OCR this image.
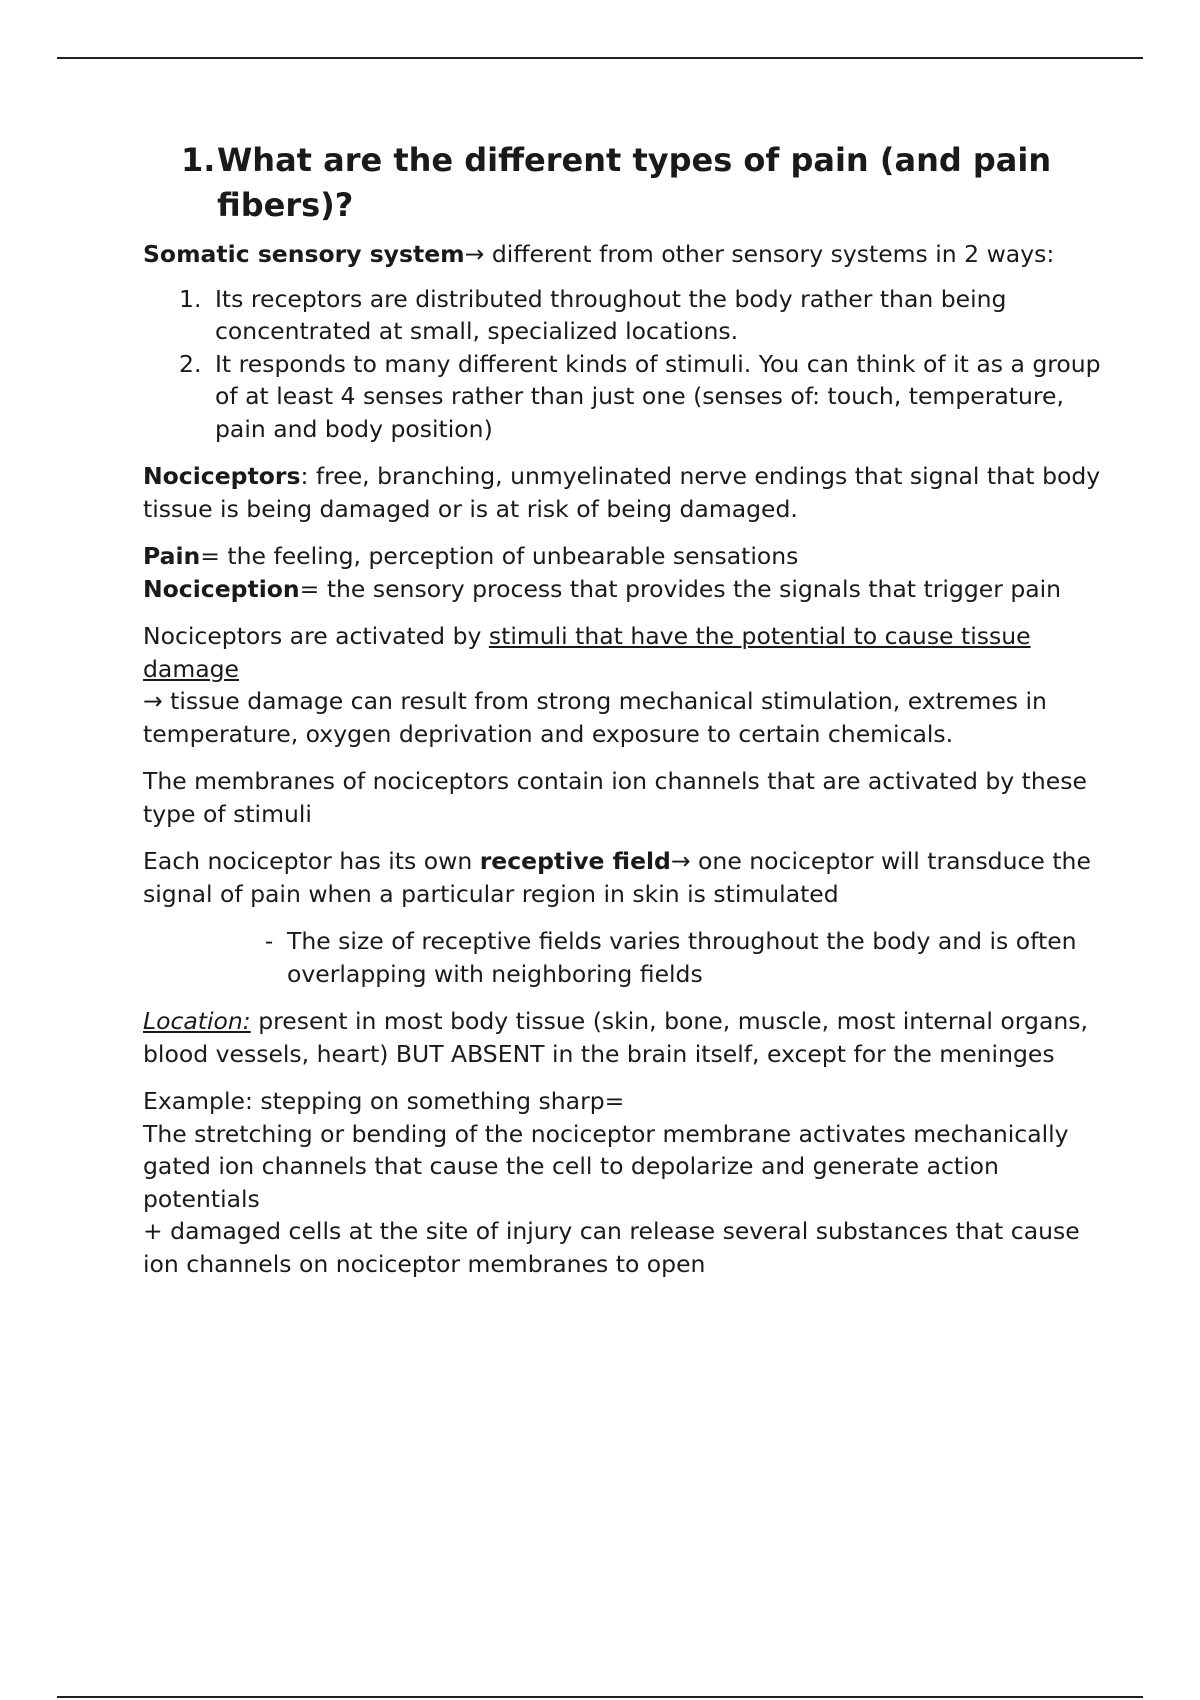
1. What are the different types of pain (and pain fibers)?

Somatic sensory system→ different from other sensory systems in 2 ways:

1. Its receptors are distributed throughout the body rather than being concentrated at small, specialized locations.
2. It responds to many different kinds of stimuli. You can think of it as a group of at least 4 senses rather than just one (senses of: touch, temperature, pain and body position)

Nociceptors: free, branching, unmyelinated nerve endings that signal that body tissue is being damaged or is at risk of being damaged.

Pain= the feeling, perception of unbearable sensations
Nociception= the sensory process that provides the signals that trigger pain

Nociceptors are activated by stimuli that have the potential to cause tissue damage
→ tissue damage can result from strong mechanical stimulation, extremes in temperature, oxygen deprivation and exposure to certain chemicals.

The membranes of nociceptors contain ion channels that are activated by these type of stimuli

Each nociceptor has its own receptive field→ one nociceptor will transduce the signal of pain when a particular region in skin is stimulated

- The size of receptive fields varies throughout the body and is often overlapping with neighboring fields

Location: present in most body tissue (skin, bone, muscle, most internal organs, blood vessels, heart) BUT ABSENT in the brain itself, except for the meninges

Example: stepping on something sharp=
The stretching or bending of the nociceptor membrane activates mechanically gated ion channels that cause the cell to depolarize and generate action potentials
+ damaged cells at the site of injury can release several substances that cause ion channels on nociceptor membranes to open
